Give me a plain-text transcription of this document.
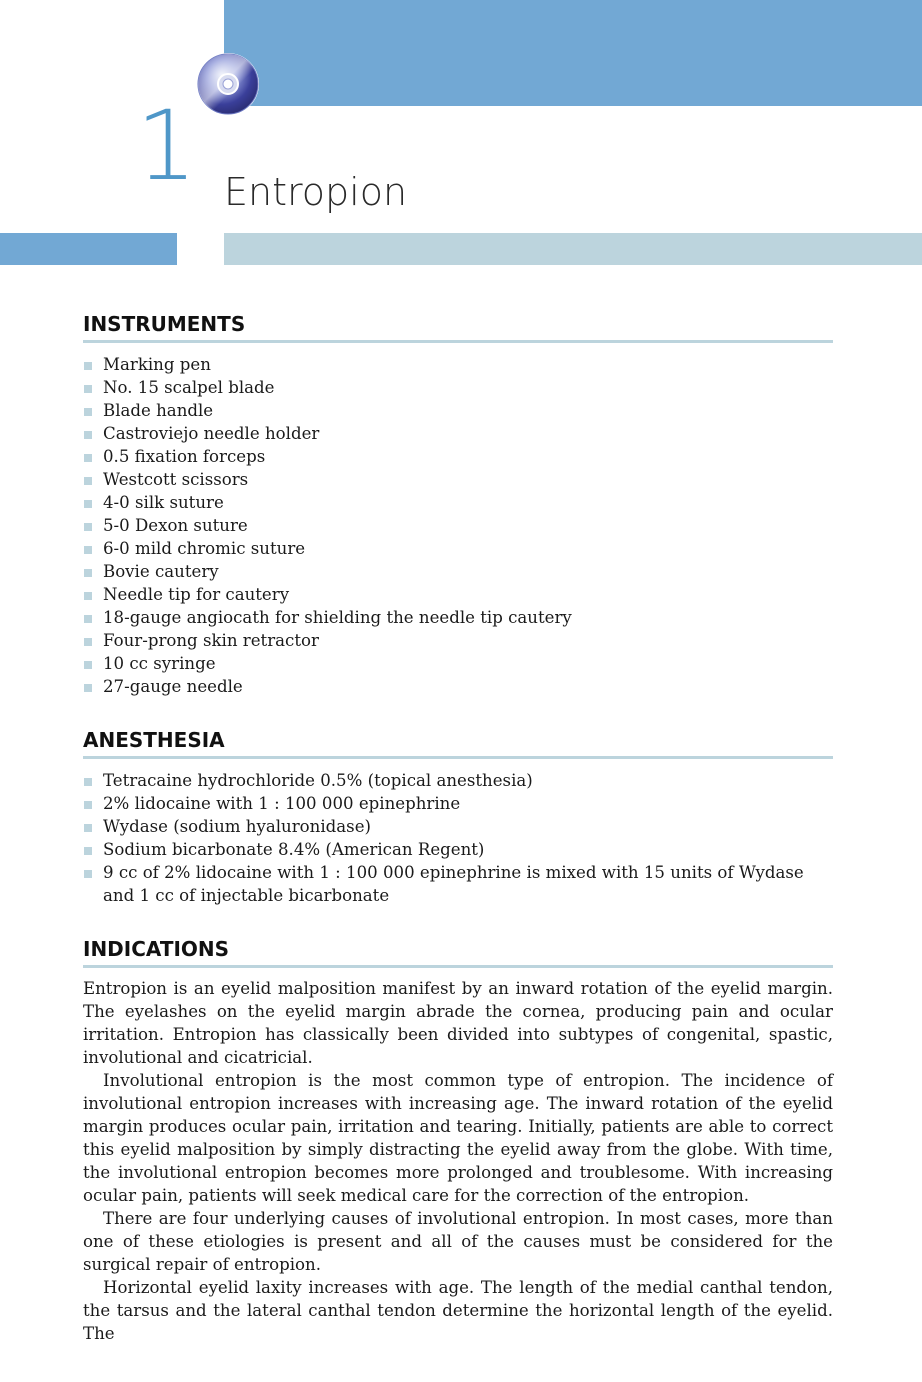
1 Entropion
INSTRUMENTS
Marking pen
No. 15 scalpel blade
Blade handle
Castroviejo needle holder
0.5 fixation forceps
Westcott scissors
4-0 silk suture
5-0 Dexon suture
6-0 mild chromic suture
Bovie cautery
Needle tip for cautery
18-gauge angiocath for shielding the needle tip cautery
Four-prong skin retractor
10 cc syringe
27-gauge needle
ANESTHESIA
Tetracaine hydrochloride 0.5% (topical anesthesia)
2% lidocaine with 1 : 100 000 epinephrine
Wydase (sodium hyaluronidase)
Sodium bicarbonate 8.4% (American Regent)
9 cc of 2% lidocaine with 1 : 100 000 epinephrine is mixed with 15 units of Wydase and 1 cc of injectable bicarbonate
INDICATIONS

Entropion is an eyelid malposition manifest by an inward rotation of the eyelid margin. The eyelashes on the eyelid margin abrade the cornea, producing pain and ocular irritation. Entropion has classically been divided into subtypes of congenital, spastic, involutional and cicatricial.

Involutional entropion is the most common type of entropion. The incidence of involutional entropion increases with increasing age. The inward rotation of the eyelid margin produces ocular pain, irritation and tearing. Initially, patients are able to correct this eyelid malposition by simply distracting the eyelid away from the globe. With time, the involutional entropion becomes more prolonged and troublesome. With increasing ocular pain, patients will seek medical care for the correction of the entropion.

There are four underlying causes of involutional entropion. In most cases, more than one of these etiologies is present and all of the causes must be considered for the surgical repair of entropion.

Horizontal eyelid laxity increases with age. The length of the medial canthal tendon, the tarsus and the lateral canthal tendon determine the horizontal length of the eyelid. The
